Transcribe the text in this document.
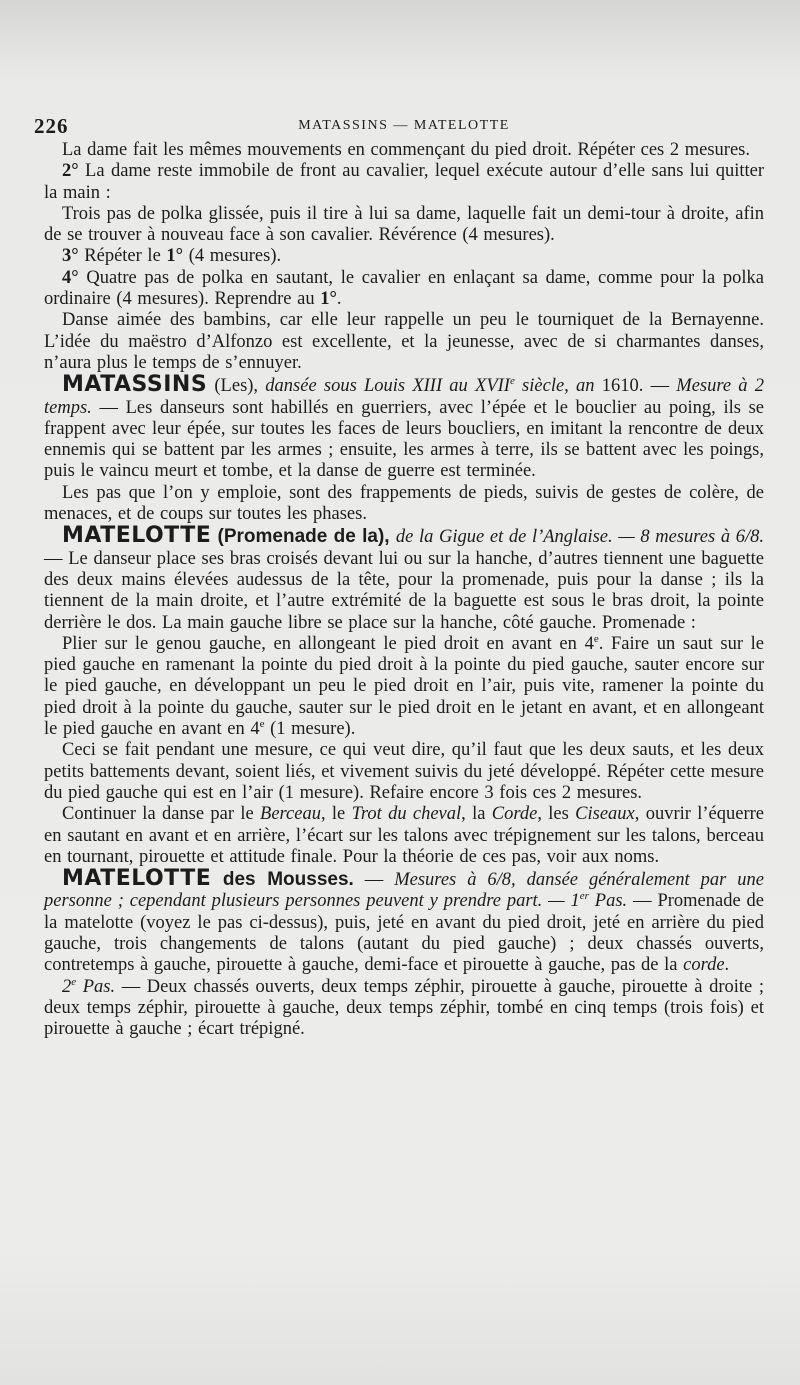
226	MATASSINS — MATELOTTE

La dame fait les mêmes mouvements en commençant du pied droit. Répéter ces 2 mesures.

2° La dame reste immobile de front au cavalier, lequel exécute autour d’elle sans lui quitter la main :

Trois pas de polka glissée, puis il tire à lui sa dame, laquelle fait un demi-tour à droite, afin de se trouver à nouveau face à son cavalier. Révérence (4 mesures).

3° Répéter le 1° (4 mesures).

4° Quatre pas de polka en sautant, le cavalier en enlaçant sa dame, comme pour la polka ordinaire (4 mesures). Reprendre au 1°.

Danse aimée des bambins, car elle leur rappelle un peu le tourniquet de la Bernayenne. L’idée du maëstro d’Alfonzo est excellente, et la jeunesse, avec de si charmantes danses, n’aura plus le temps de s’ennuyer.

MATASSINS (Les), dansée sous Louis XIII au XVIIe siècle, an 1610. — Mesure à 2 temps. — Les danseurs sont habillés en guerriers, avec l’épée et le bouclier au poing, ils se frappent avec leur épée, sur toutes les faces de leurs boucliers, en imitant la rencontre de deux ennemis qui se battent par les armes ; ensuite, les armes à terre, ils se battent avec les poings, puis le vaincu meurt et tombe, et la danse de guerre est terminée.

Les pas que l’on y emploie, sont des frappements de pieds, suivis de gestes de colère, de menaces, et de coups sur toutes les phases.

MATELOTTE (Promenade de la), de la Gigue et de l’Anglaise. — 8 mesures à 6/8. — Le danseur place ses bras croisés devant lui ou sur la hanche, d’autres tiennent une baguette des deux mains élevées audessus de la tête, pour la promenade, puis pour la danse ; ils la tiennent de la main droite, et l’autre extrémité de la baguette est sous le bras droit, la pointe derrière le dos. La main gauche libre se place sur la hanche, côté gauche. Promenade :

Plier sur le genou gauche, en allongeant le pied droit en avant en 4e. Faire un saut sur le pied gauche en ramenant la pointe du pied droit à la pointe du pied gauche, sauter encore sur le pied gauche, en développant un peu le pied droit en l’air, puis vite, ramener la pointe du pied droit à la pointe du gauche, sauter sur le pied droit en le jetant en avant, et en allongeant le pied gauche en avant en 4e (1 mesure).

Ceci se fait pendant une mesure, ce qui veut dire, qu’il faut que les deux sauts, et les deux petits battements devant, soient liés, et vivement suivis du jeté développé. Répéter cette mesure du pied gauche qui est en l’air (1 mesure). Refaire encore 3 fois ces 2 mesures.

Continuer la danse par le Berceau, le Trot du cheval, la Corde, les Ciseaux, ouvrir l’équerre en sautant en avant et en arrière, l’écart sur les talons avec trépignement sur les talons, berceau en tournant, pirouette et attitude finale. Pour la théorie de ces pas, voir aux noms.

MATELOTTE des Mousses. — Mesures à 6/8, dansée généralement par une personne ; cependant plusieurs personnes peuvent y prendre part. — 1er Pas. — Promenade de la matelotte (voyez le pas ci-dessus), puis, jeté en avant du pied droit, jeté en arrière du pied gauche, trois changements de talons (autant du pied gauche) ; deux chassés ouverts, contretemps à gauche, pirouette à gauche, demi-face et pirouette à gauche, pas de la corde.

2e Pas. — Deux chassés ouverts, deux temps zéphir, pirouette à gauche, pirouette à droite ; deux temps zéphir, pirouette à gauche, deux temps zéphir, tombé en cinq temps (trois fois) et pirouette à gauche ; écart trépigné.
